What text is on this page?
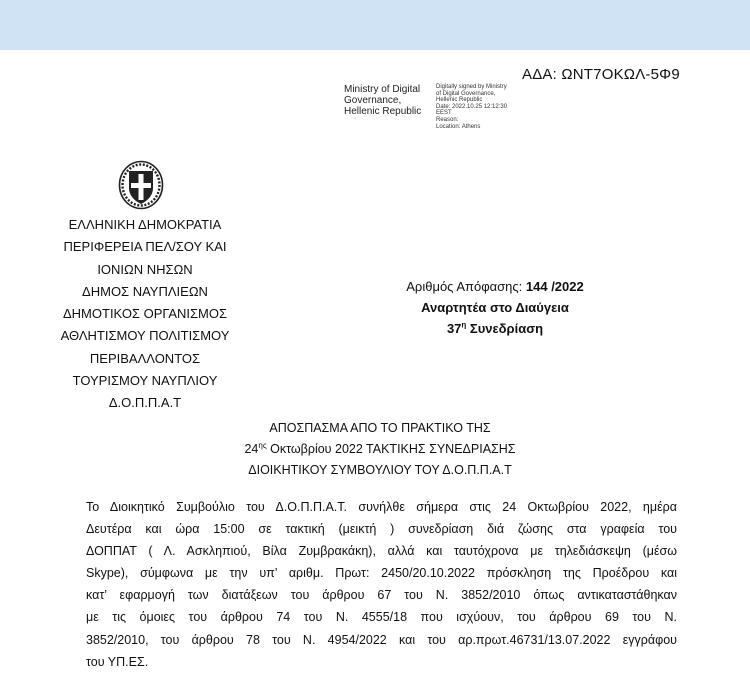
ΑΔΑ: ΩΝΤ7ΟΚΩΛ-5Φ9
Ministry of Digital
Governance,
Hellenic Republic
Digitally signed by Ministry
of Digital Governance,
Hellenic Republic
Date: 2022.10.25 12:12:30
EEST
Reason:
Location: Athens
ΕΛΛΗΝΙΚΗ ΔΗΜΟΚΡΑΤΙΑ
ΠΕΡΙΦΕΡΕΙΑ ΠΕΛ/ΣΟΥ ΚΑΙ
ΙΟΝΙΩΝ ΝΗΣΩΝ
ΔΗΜΟΣ ΝΑΥΠΛΙΕΩΝ
ΔΗΜΟΤΙΚΟΣ ΟΡΓΑΝΙΣΜΟΣ
ΑΘΛΗΤΙΣΜΟΥ ΠΟΛΙΤΙΣΜΟΥ
ΠΕΡΙΒΑΛΛΟΝΤΟΣ
ΤΟΥΡΙΣΜΟΥ ΝΑΥΠΛΙΟΥ
Δ.Ο.Π.Π.Α.Τ
Αριθμός Απόφασης: 144 /2022
Αναρτητέα στο Διαύγεια
$37^\eta$ Συνεδρίαση
ΑΠΟΣΠΑΣΜΑ ΑΠΟ ΤΟ ΠΡΑΚΤΙΚΟ ΤΗΣ
$24^{\eta\varsigma}$ Οκτωβρίου 2022 ΤΑΚΤΙΚΗΣ ΣΥΝΕΔΡΙΑΣΗΣ
ΔΙΟΙΚΗΤΙΚΟΥ ΣΥΜΒΟΥΛΙΟΥ ΤΟΥ Δ.Ο.Π.Π.Α.Τ
Το Διοικητικό Συμβούλιο του Δ.Ο.Π.Π.Α.Τ. συνήλθε σήμερα στις 24 Οκτωβρίου 2022, ημέρα
Δευτέρα και ώρα 15:00 σε τακτική (μεικτή ) συνεδρίαση διά ζώσης στα γραφεία του
ΔΟΠΠΑΤ ( Λ. Ασκληπιού, Βίλα Ζυμβρακάκη), αλλά και ταυτόχρονα με τηλεδιάσκεψη (μέσω
Skype), σύμφωνα με την υπ’ αριθμ. Πρωτ: 2450/20.10.2022 πρόσκληση της Προέδρου και
κατ’ εφαρμογή των διατάξεων του άρθρου 67 του Ν. 3852/2010 όπως αντικαταστάθηκαν
με τις όμοιες του άρθρου 74 του Ν. 4555/18 που ισχύουν, του άρθρου 69 του Ν.
3852/2010, του άρθρου 78 του Ν. 4954/2022 και του αρ.πρωτ.46731/13.07.2022 εγγράφου
του ΥΠ.ΕΣ.
